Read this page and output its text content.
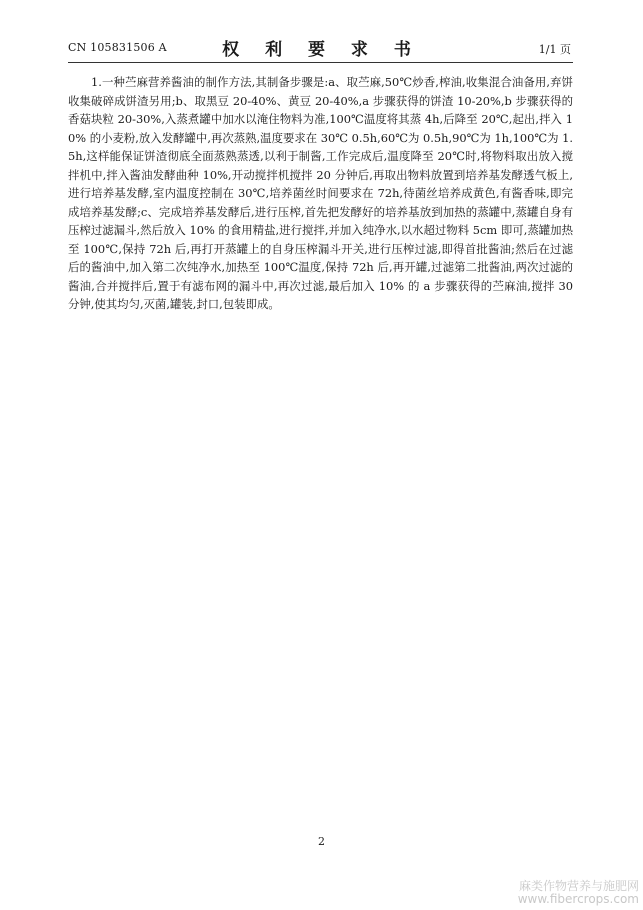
CN 105831506 A	权 利 要 求 书	1/1 页

1.一种苎麻营养酱油的制作方法,其制备步骤是:a、取苎麻,50℃炒香,榨油,收集混合油备用,弃饼收集破碎成饼渣另用;b、取黑豆 20-40%、黄豆 20-40%,a 步骤获得的饼渣 10-20%,b 步骤获得的香菇块粒 20-30%,入蒸煮罐中加水以淹住物料为准,100℃温度将其蒸 4h,后降至 20℃,起出,拌入 10% 的小麦粉,放入发酵罐中,再次蒸熟,温度要求在 30℃ 0.5h,60℃为 0.5h,90℃为 1h,100℃为 1.5h,这样能保证饼渣彻底全面蒸熟蒸透,以利于制酱,工作完成后,温度降至 20℃时,将物料取出放入搅拌机中,拌入酱油发酵曲种 10%,开动搅拌机搅拌 20 分钟后,再取出物料放置到培养基发酵透气板上,进行培养基发酵,室内温度控制在 30℃,培养菌丝时间要求在 72h,待菌丝培养成黄色,有酱香味,即完成培养基发酵;c、完成培养基发酵后,进行压榨,首先把发酵好的培养基放到加热的蒸罐中,蒸罐自身有压榨过滤漏斗,然后放入 10% 的食用精盐,进行搅拌,并加入纯净水,以水超过物料 5cm 即可,蒸罐加热至 100℃,保持 72h 后,再打开蒸罐上的自身压榨漏斗开关,进行压榨过滤,即得首批酱油;然后在过滤后的酱油中,加入第二次纯净水,加热至 100℃温度,保持 72h 后,再开罐,过滤第二批酱油,两次过滤的酱油,合并搅拌后,置于有滤布网的漏斗中,再次过滤,最后加入 10% 的 a 步骤获得的苎麻油,搅拌 30 分钟,使其均匀,灭菌,罐装,封口,包装即成。

2
麻类作物营养与施肥网
www.fibercrops.com
